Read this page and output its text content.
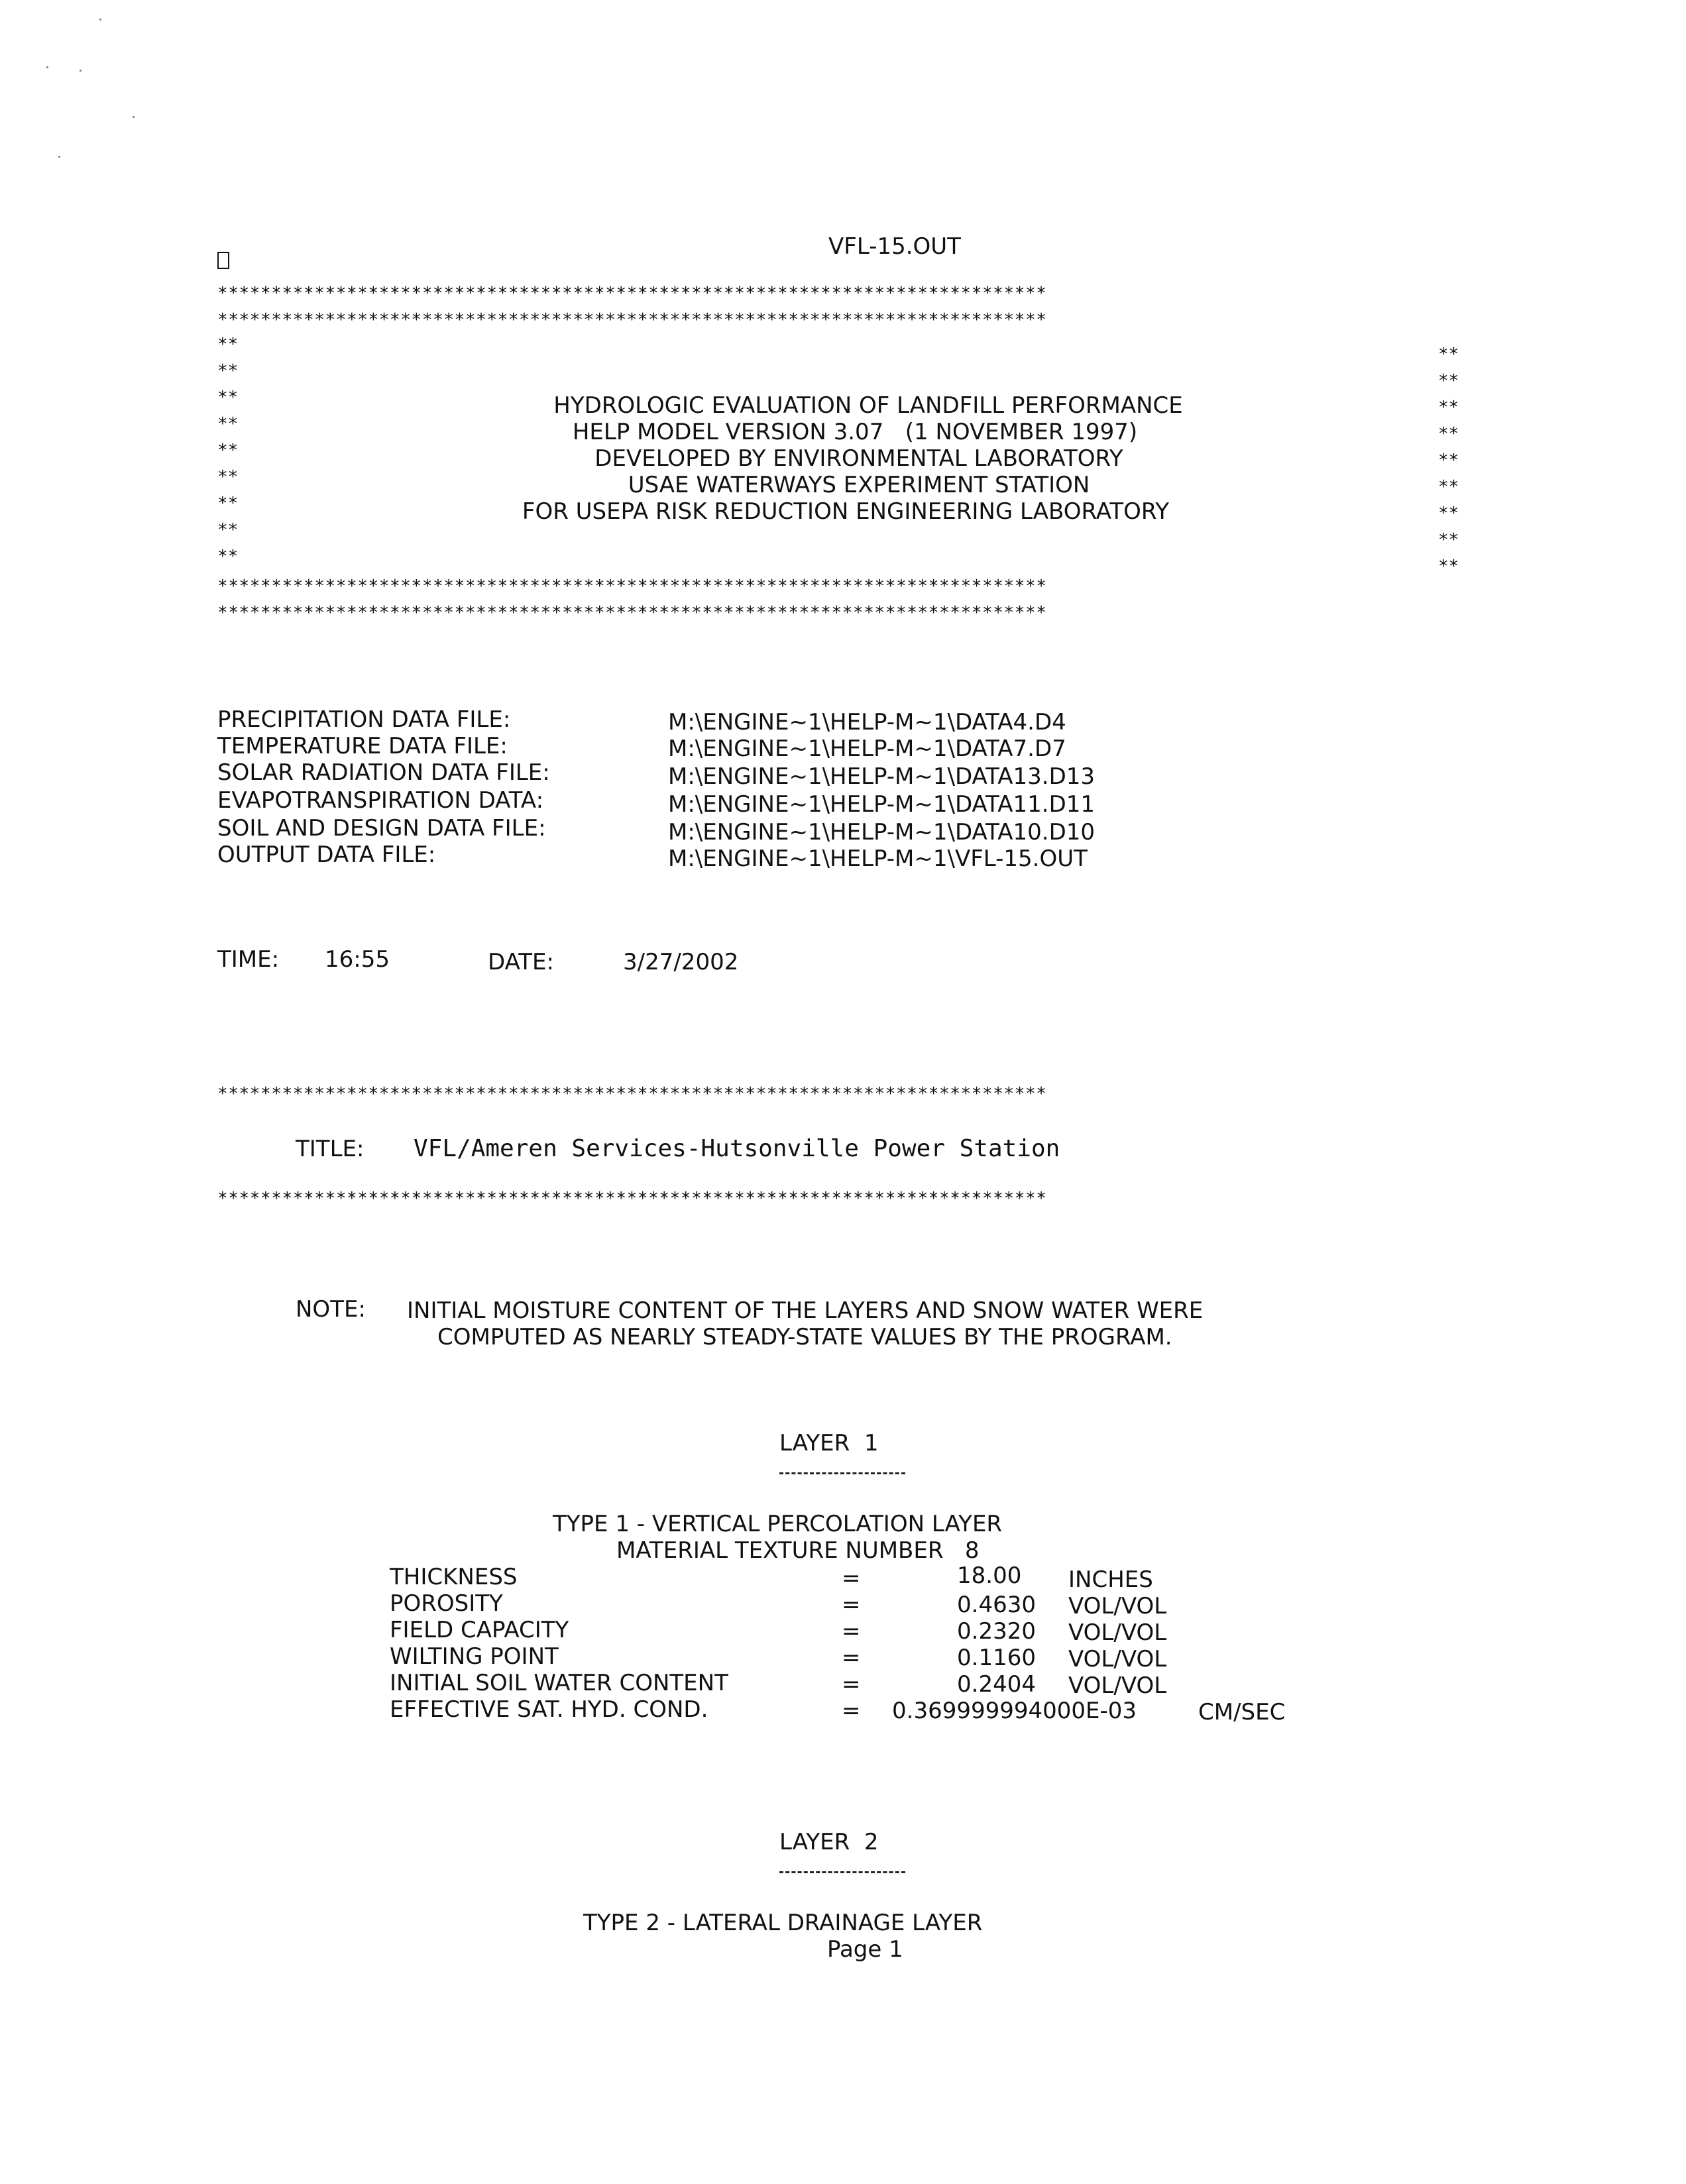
VFL-15.OUT
*****************************************************************************
*****************************************************************************
**
**
**
**
**
**
**
**
**
**
**
**
**
**
**
**
**
**
HYDROLOGIC EVALUATION OF LANDFILL PERFORMANCE
HELP MODEL VERSION 3.07   (1 NOVEMBER 1997)
DEVELOPED BY ENVIRONMENTAL LABORATORY
USAE WATERWAYS EXPERIMENT STATION
FOR USEPA RISK REDUCTION ENGINEERING LABORATORY
*****************************************************************************
*****************************************************************************
PRECIPITATION DATA FILE:	M:\ENGINE~1\HELP-M~1\DATA4.D4
TEMPERATURE DATA FILE:	M:\ENGINE~1\HELP-M~1\DATA7.D7
SOLAR RADIATION DATA FILE:	M:\ENGINE~1\HELP-M~1\DATA13.D13
EVAPOTRANSPIRATION DATA:	M:\ENGINE~1\HELP-M~1\DATA11.D11
SOIL AND DESIGN DATA FILE:	M:\ENGINE~1\HELP-M~1\DATA10.D10
OUTPUT DATA FILE:	M:\ENGINE~1\HELP-M~1\VFL-15.OUT
TIME: 16:55	DATE:	3/27/2002
*****************************************************************************
TITLE: VFL/Ameren Services-Hutsonville Power Station
*****************************************************************************
NOTE: INITIAL MOISTURE CONTENT OF THE LAYERS AND SNOW WATER WERE
COMPUTED AS NEARLY STEADY-STATE VALUES BY THE PROGRAM.
LAYER  1
TYPE 1 - VERTICAL PERCOLATION LAYER
MATERIAL TEXTURE NUMBER   8
THICKNESS	=	18.00 INCHES
POROSITY	=	0.4630 VOL/VOL
FIELD CAPACITY	=	0.2320 VOL/VOL
WILTING POINT	=	0.1160 VOL/VOL
INITIAL SOIL WATER CONTENT	=	0.2404 VOL/VOL
EFFECTIVE SAT. HYD. COND.	= 0.369999994000E-03	CM/SEC
LAYER  2
TYPE 2 - LATERAL DRAINAGE LAYER
Page 1
